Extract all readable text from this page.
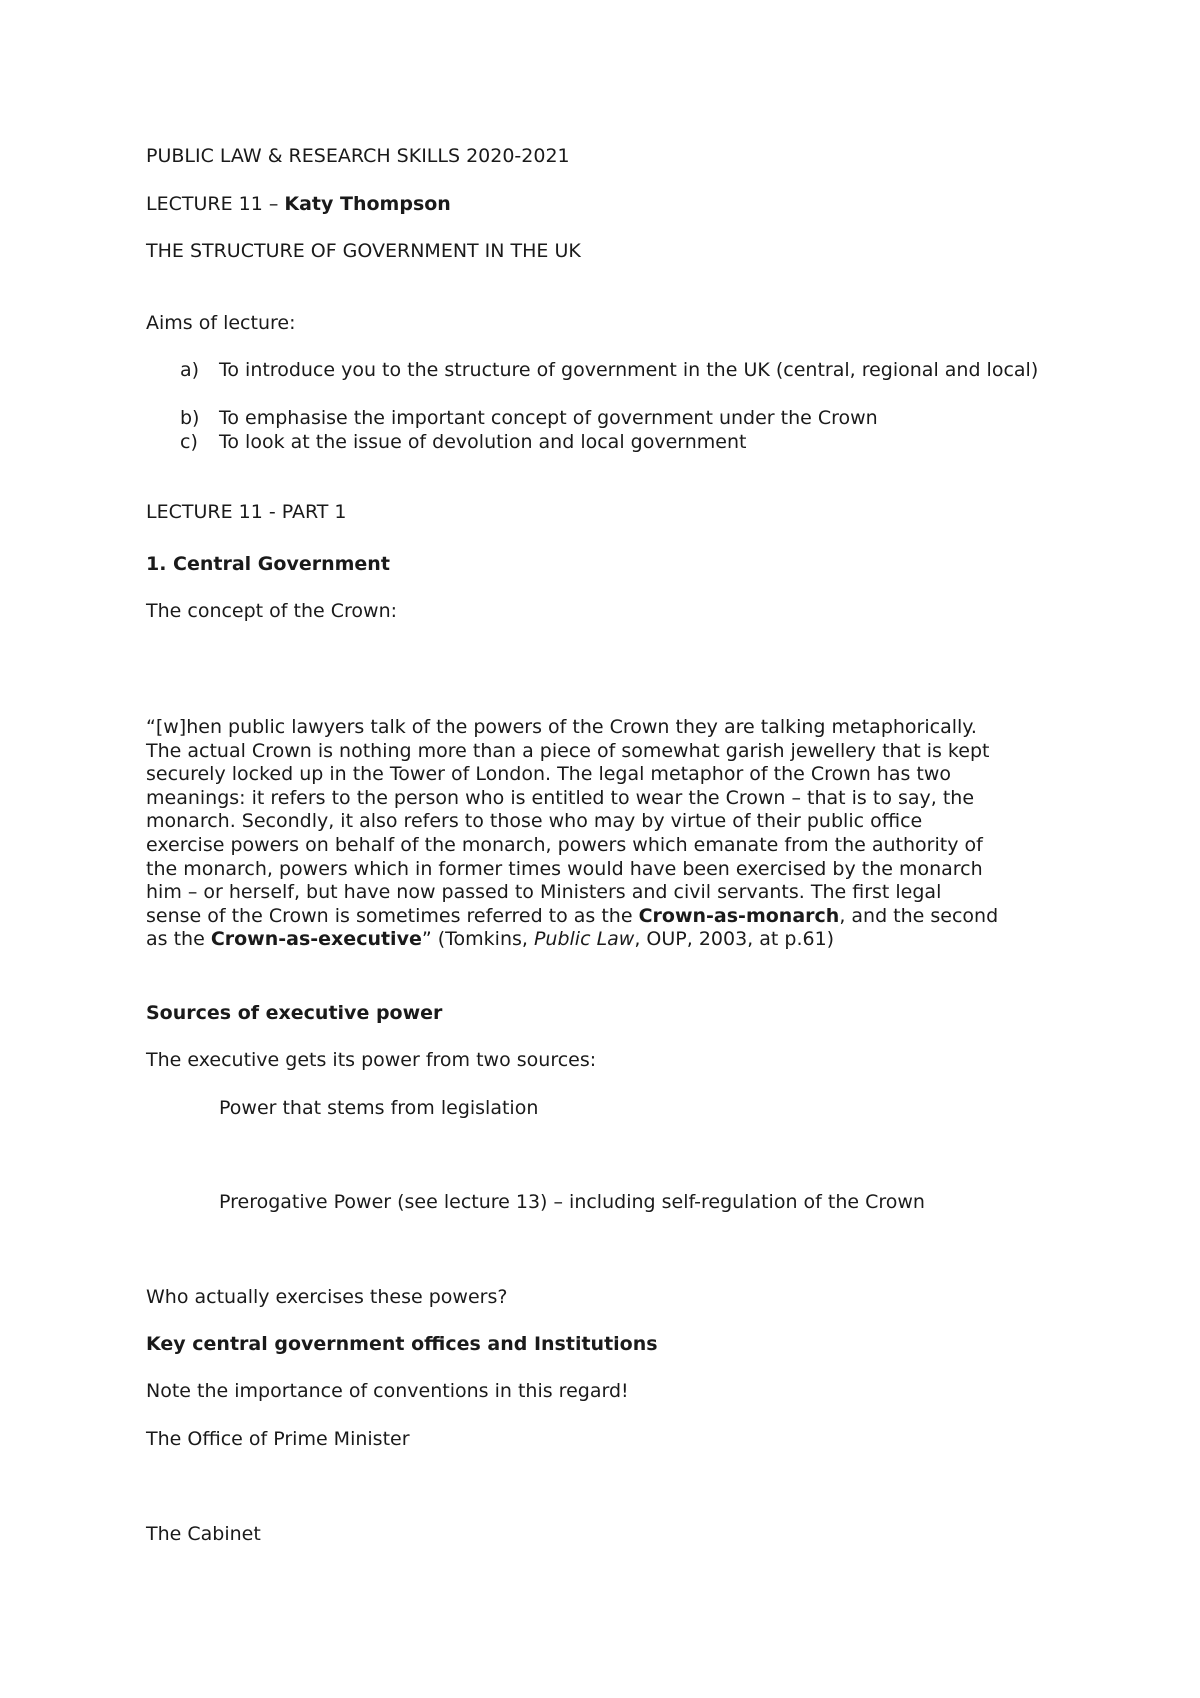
PUBLIC LAW & RESEARCH SKILLS 2020-2021
LECTURE 11 – Katy Thompson
THE STRUCTURE OF GOVERNMENT IN THE UK
Aims of lecture:
a)	To introduce you to the structure of government in the UK (central, regional and local)
b)	To emphasise the important concept of government under the Crown
c)	To look at the issue of devolution and local government
LECTURE 11 - PART 1
1. Central Government
The concept of the Crown:
“[w]hen public lawyers talk of the powers of the Crown they are talking metaphorically.
The actual Crown is nothing more than a piece of somewhat garish jewellery that is kept
securely locked up in the Tower of London. The legal metaphor of the Crown has two
meanings: it refers to the person who is entitled to wear the Crown – that is to say, the
monarch. Secondly, it also refers to those who may by virtue of their public office
exercise powers on behalf of the monarch, powers which emanate from the authority of
the monarch, powers which in former times would have been exercised by the monarch
him – or herself, but have now passed to Ministers and civil servants. The first legal
sense of the Crown is sometimes referred to as the Crown-as-monarch, and the second
as the Crown-as-executive” (Tomkins, Public Law, OUP, 2003, at p.61)
Sources of executive power
The executive gets its power from two sources:
Power that stems from legislation
Prerogative Power (see lecture 13) – including self-regulation of the Crown
Who actually exercises these powers?
Key central government offices and Institutions
Note the importance of conventions in this regard!
The Office of Prime Minister
The Cabinet
